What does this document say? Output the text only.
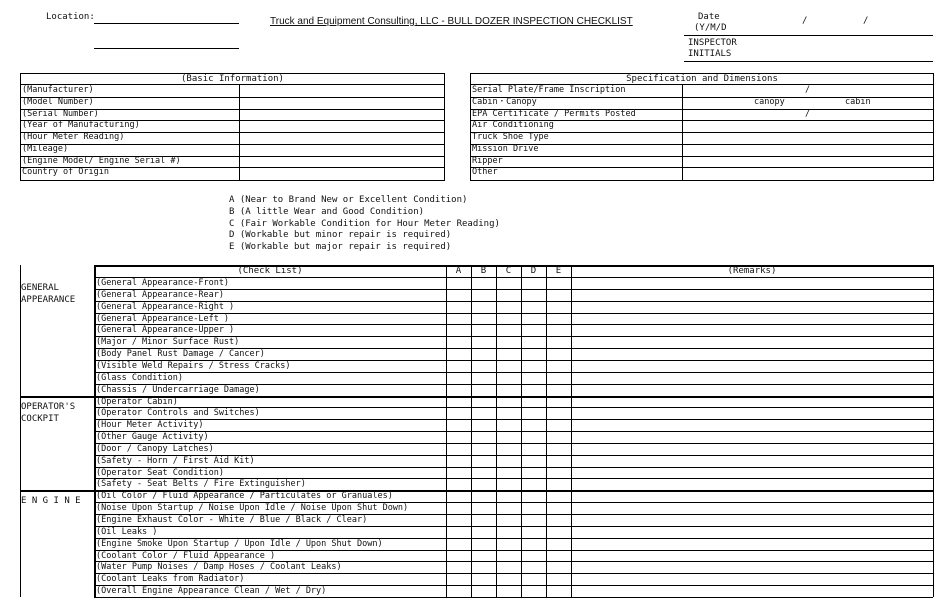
Location:	Truck and Equipment Consulting, LLC - BULL DOZER INSPECTION CHECKLIST	Date
(Y/M/D
/	/
INSPECTOR
INITIALS
(Basic Information)
(Manufacturer)
(Model Number)
(Serial Number)
(Year of Manufacturing)
(Hour Meter Reading)
(Mileage)
(Engine Model/ Engine Serial #)
Country of Origin
Specification and Dimensions
Serial Plate/Frame Inscription	/
Cabin・Canopy	canopy	cabin
EPA Certificate / Permits Posted	/
Air Conditioning
Truck Shoe Type
Mission Drive
Ripper
Other
A (Near to Brand New or Excellent Condition)
B (A little Wear and Good Condition)
C (Fair Workable Condition for Hour Meter Reading)
D (Workable but minor repair is required)
E (Workable but major repair is required)
(Check List)	A	B	C	D	E	(Remarks)
GENERAL
APPEARANCE
(General Appearance-Front)
(General Appearance-Rear)
(General Appearance-Right )
(General Appearance-Left )
(General Appearance-Upper )
(Major / Minor Surface Rust)
(Body Panel Rust Damage / Cancer)
(Visible Weld Repairs / Stress Cracks)
(Glass Condition)
(Chassis / Undercarriage Damage)
OPERATOR'S
COCKPIT
(Operator Cabin)
(Operator Controls and Switches)
(Hour Meter Activity)
(Other Gauge Activity)
(Door / Canopy Latches)
(Safety - Horn / First Aid Kit)
(Operator Seat Condition)
(Safety - Seat Belts / Fire Extinguisher)
E N G I N E
(Oil Color / Fluid Appearance / Particulates or Granuales)
(Noise Upon Startup / Noise Upon Idle / Noise Upon Shut Down)
(Engine Exhaust Color - White / Blue / Black / Clear)
(Oil Leaks )
(Engine Smoke Upon Startup / Upon Idle / Upon Shut Down)
(Coolant Color / Fluid Appearance )
(Water Pump Noises / Damp Hoses / Coolant Leaks)
(Coolant Leaks from Radiator)
(Overall Engine Appearance Clean / Wet / Dry)
